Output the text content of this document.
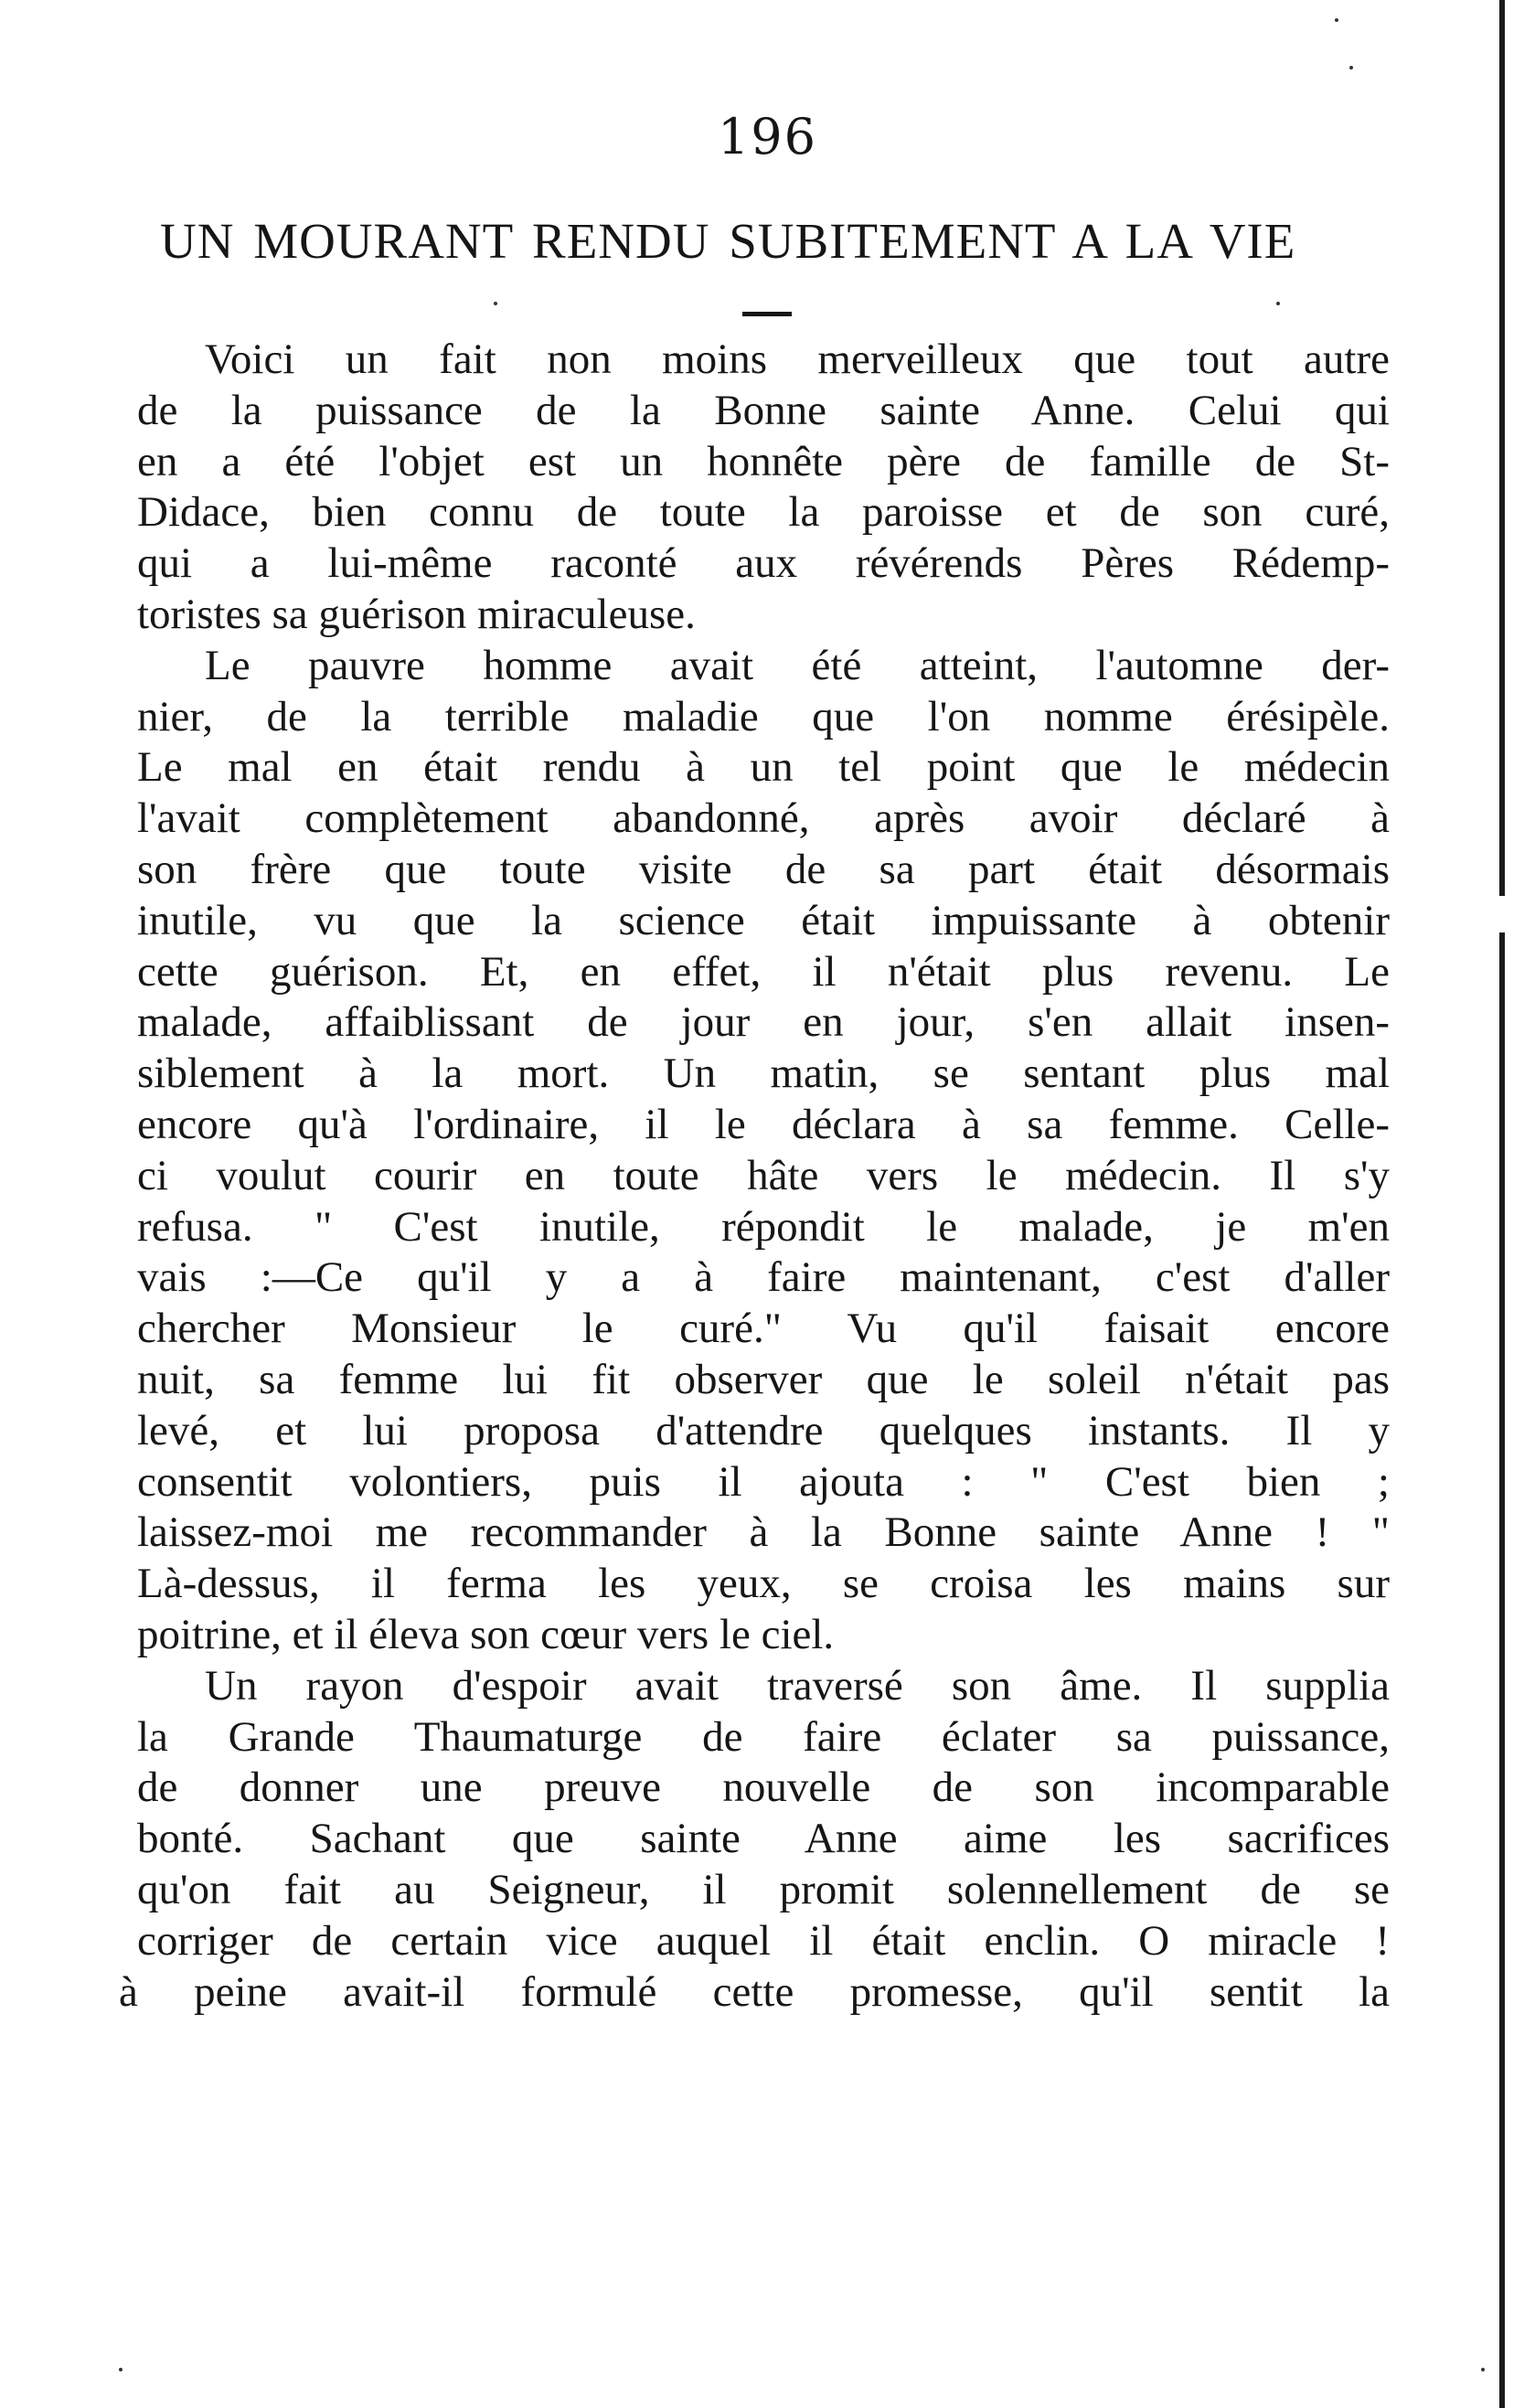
196
UN MOURANT RENDU SUBITEMENT A LA VIE
Voici un fait non moins merveilleux que tout autre
de la puissance de la Bonne sainte Anne. Celui qui
en a été l'objet est un honnête père de famille de St-
Didace, bien connu de toute la paroisse et de son curé,
qui a lui-même raconté aux révérends Pères Rédemp-
toristes sa guérison miraculeuse.
Le pauvre homme avait été atteint, l'automne der-
nier, de la terrible maladie que l'on nomme érésipèle.
Le mal en était rendu à un tel point que le médecin
l'avait complètement abandonné, après avoir déclaré à
son frère que toute visite de sa part était désormais
inutile, vu que la science était impuissante à obtenir
cette guérison. Et, en effet, il n'était plus revenu. Le
malade, affaiblissant de jour en jour, s'en allait insen-
siblement à la mort. Un matin, se sentant plus mal
encore qu'à l'ordinaire, il le déclara à sa femme. Celle-
ci voulut courir en toute hâte vers le médecin. Il s'y
refusa. " C'est inutile, répondit le malade, je m'en
vais :—Ce qu'il y a à faire maintenant, c'est d'aller
chercher Monsieur le curé." Vu qu'il faisait encore
nuit, sa femme lui fit observer que le soleil n'était pas
levé, et lui proposa d'attendre quelques instants. Il y
consentit volontiers, puis il ajouta : " C'est bien ;
laissez-moi me recommander à la Bonne sainte Anne ! "
Là-dessus, il ferma les yeux, se croisa les mains sur
poitrine, et il éleva son cœur vers le ciel.
Un rayon d'espoir avait traversé son âme. Il supplia
la Grande Thaumaturge de faire éclater sa puissance,
de donner une preuve nouvelle de son incomparable
bonté. Sachant que sainte Anne aime les sacrifices
qu'on fait au Seigneur, il promit solennellement de se
corriger de certain vice auquel il était enclin. O miracle !
à peine avait-il formulé cette promesse, qu'il sentit la
